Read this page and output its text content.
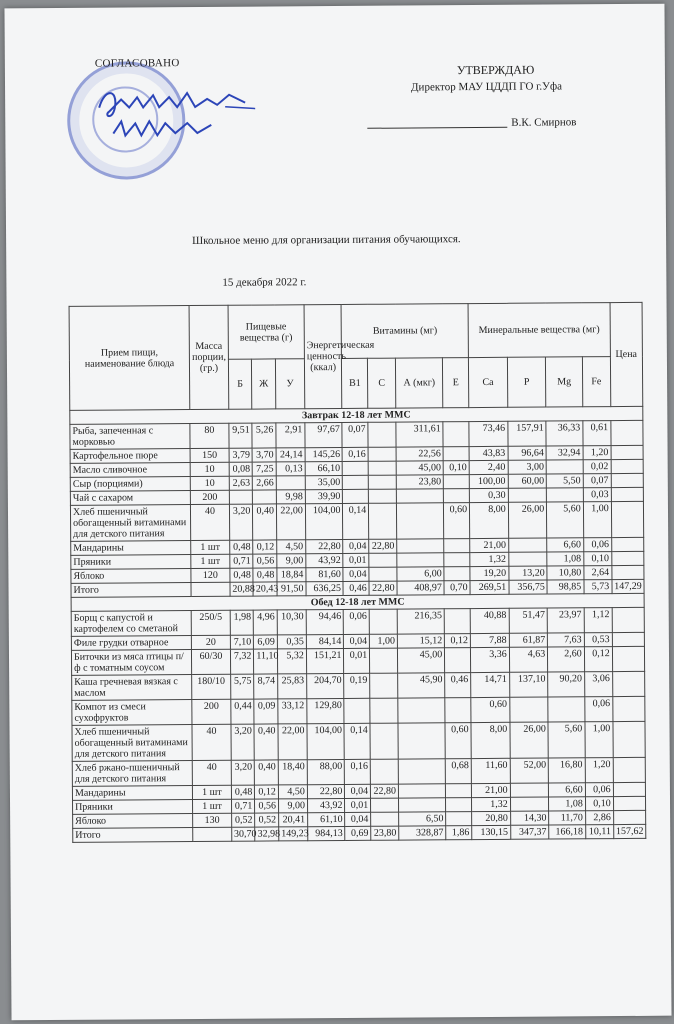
СОГЛАСОВАНО	УТВЕРЖДАЮ
Директор МАУ ЦДДП ГО г.Уфа
В.К. Смирнов
Школьное меню для организации питания обучающихся.
15 декабря 2022 г.
Прием пищи, наименование блюда	Масса порции, (гр.)	Пищевые вещества (г)			Энергетическая ценность (ккал)	Витамины (мг)				Минеральные вещества (мг)				Цена
		Б	Ж	У		В1	С	А (мкг)	Е	Ca	P	Mg	Fe	
Завтрак 12-18 лет ММС														
Рыба, запеченная с морковью	80	9,51	5,26	2,91	97,67	0,07		311,61		73,46	157,91	36,33	0,61	
Картофельное пюре	150	3,79	3,70	24,14	145,26	0,16		22,56		43,83	96,64	32,94	1,20	
Масло сливочное	10	0,08	7,25	0,13	66,10			45,00	0,10	2,40	3,00		0,02	
Сыр (порциями)	10	2,63	2,66		35,00			23,80		100,00	60,00	5,50	0,07	
Чай с сахаром	200			9,98	39,90					0,30			0,03	
Хлеб пшеничный обогащенный витаминами для детского питания	40	3,20	0,40	22,00	104,00	0,14			0,60	8,00	26,00	5,60	1,00	
Мандарины	1 шт	0,48	0,12	4,50	22,80	0,04	22,80			21,00		6,60	0,06	
Пряники	1 шт	0,71	0,56	9,00	43,92	0,01				1,32		1,08	0,10	
Яблоко	120	0,48	0,48	18,84	81,60	0,04		6,00		19,20	13,20	10,80	2,64	
Итого		20,88	20,43	91,50	636,25	0,46	22,80	408,97	0,70	269,51	356,75	98,85	5,73	147,29
Обед 12-18 лет ММС														
Борщ с капустой и картофелем со сметаной	250/5	1,98	4,96	10,30	94,46	0,06		216,35		40,88	51,47	23,97	1,12	
Филе грудки отварное	20	7,10	6,09	0,35	84,14	0,04	1,00	15,12	0,12	7,88	61,87	7,63	0,53	
Биточки из мяса птицы п/ф с томатным соусом	60/30	7,32	11,10	5,32	151,21	0,01		45,00		3,36	4,63	2,60	0,12	
Каша гречневая вязкая с маслом	180/10	5,75	8,74	25,83	204,70	0,19		45,90	0,46	14,71	137,10	90,20	3,06	
Компот из смеси сухофруктов	200	0,44	0,09	33,12	129,80					0,60			0,06	
Хлеб пшеничный обогащенный витаминами для детского питания	40	3,20	0,40	22,00	104,00	0,14			0,60	8,00	26,00	5,60	1,00	
Хлеб ржано-пшеничный для детского питания	40	3,20	0,40	18,40	88,00	0,16			0,68	11,60	52,00	16,80	1,20	
Мандарины	1 шт	0,48	0,12	4,50	22,80	0,04	22,80			21,00		6,60	0,06	
Пряники	1 шт	0,71	0,56	9,00	43,92	0,01				1,32		1,08	0,10	
Яблоко	130	0,52	0,52	20,41	61,10	0,04		6,50		20,80	14,30	11,70	2,86	
Итого		30,70	32,98	149,23	984,13	0,69	23,80	328,87	1,86	130,15	347,37	166,18	10,11	157,62
